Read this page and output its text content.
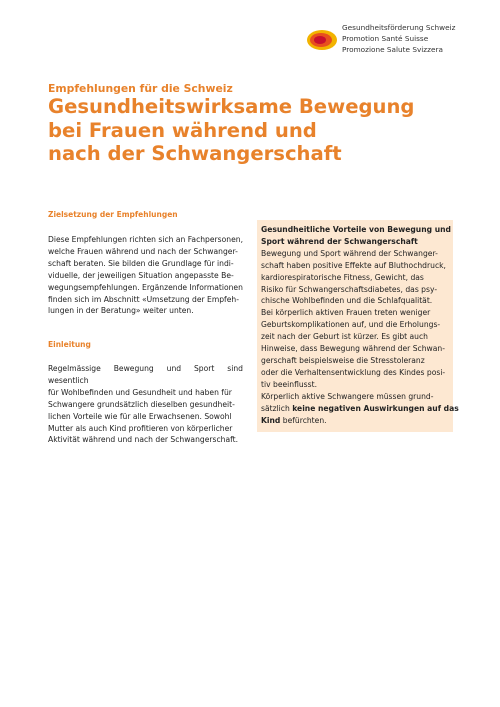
Gesundheitsförderung Schweiz
Promotion Santé Suisse
Promozione Salute Svizzera
Empfehlungen für die Schweiz
Gesundheitswirksame Bewegung
bei Frauen während und
nach der Schwangerschaft

Zielsetzung der Empfehlungen

Diese Empfehlungen richten sich an Fachpersonen,
welche Frauen während und nach der Schwanger-
schaft beraten. Sie bilden die Grundlage für indi-
viduelle, der jeweiligen Situation angepasste Be-
wegungsempfehlungen. Ergänzende Informationen
finden sich im Abschnitt «Umsetzung der Empfeh-
lungen in der Beratung» weiter unten.

Einleitung

Regelmässige Bewegung und Sport sind wesentlich
für Wohlbefinden und Gesundheit und haben für
Schwangere grundsätzlich dieselben gesundheit-
lichen Vorteile wie für alle Erwachsenen. Sowohl
Mutter als auch Kind profitieren von körperlicher
Aktivität während und nach der Schwangerschaft.

Gesundheitliche Vorteile von Bewegung und
Sport während der Schwangerschaft
Bewegung und Sport während der Schwanger-
schaft haben positive Effekte auf Bluthochdruck,
kardiorespiratorische Fitness, Gewicht, das
Risiko für Schwangerschaftsdiabetes, das psy-
chische Wohlbefinden und die Schlafqualität.
Bei körperlich aktiven Frauen treten weniger
Geburtskomplikationen auf, und die Erholungs-
zeit nach der Geburt ist kürzer. Es gibt auch
Hinweise, dass Bewegung während der Schwan-
gerschaft beispielsweise die Stresstoleranz
oder die Verhaltensentwicklung des Kindes posi-
tiv beeinflusst.
Körperlich aktive Schwangere müssen grund-
sätzlich keine negativen Auswirkungen auf das
Kind befürchten.
